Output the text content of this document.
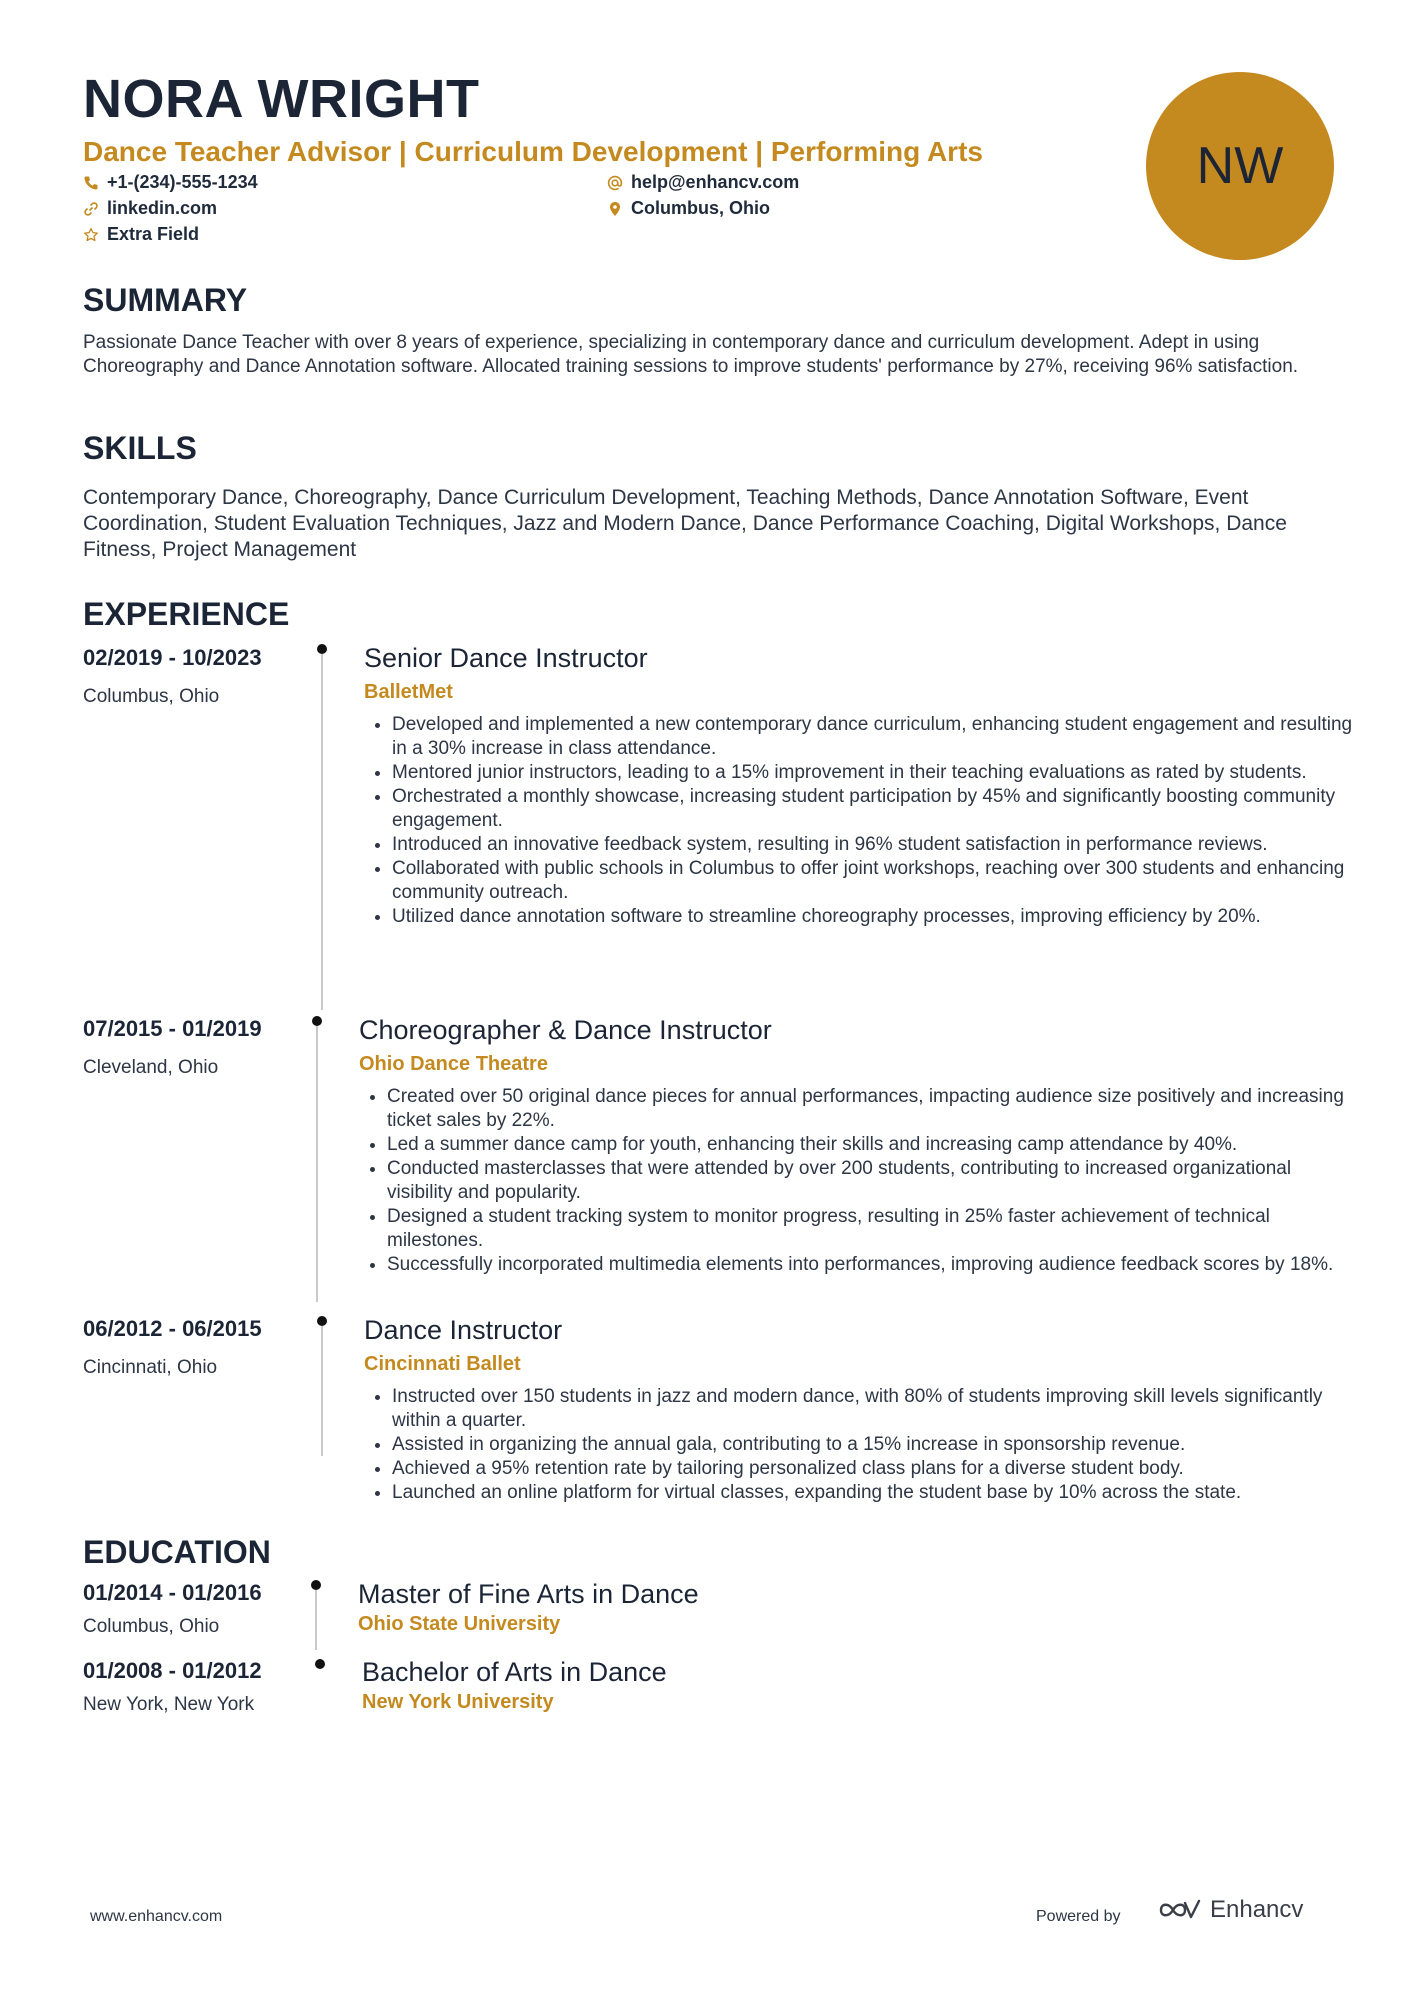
NORA WRIGHT
Dance Teacher Advisor | Curriculum Development | Performing Arts
+1-(234)-555-1234	help@enhancv.com
linkedin.com	Columbus, Ohio
Extra Field
NW
SUMMARY
Passionate Dance Teacher with over 8 years of experience, specializing in contemporary dance and curriculum development. Adept in using Choreography and Dance Annotation software. Allocated training sessions to improve students' performance by 27%, receiving 96% satisfaction.
SKILLS
Contemporary Dance, Choreography, Dance Curriculum Development, Teaching Methods, Dance Annotation Software, Event Coordination, Student Evaluation Techniques, Jazz and Modern Dance, Dance Performance Coaching, Digital Workshops, Dance Fitness, Project Management
EXPERIENCE
02/2019 - 10/2023
Columbus, Ohio
Senior Dance Instructor
BalletMet
• Developed and implemented a new contemporary dance curriculum, enhancing student engagement and resulting in a 30% increase in class attendance.
• Mentored junior instructors, leading to a 15% improvement in their teaching evaluations as rated by students.
• Orchestrated a monthly showcase, increasing student participation by 45% and significantly boosting community engagement.
• Introduced an innovative feedback system, resulting in 96% student satisfaction in performance reviews.
• Collaborated with public schools in Columbus to offer joint workshops, reaching over 300 students and enhancing community outreach.
• Utilized dance annotation software to streamline choreography processes, improving efficiency by 20%.
07/2015 - 01/2019
Cleveland, Ohio
Choreographer & Dance Instructor
Ohio Dance Theatre
• Created over 50 original dance pieces for annual performances, impacting audience size positively and increasing ticket sales by 22%.
• Led a summer dance camp for youth, enhancing their skills and increasing camp attendance by 40%.
• Conducted masterclasses that were attended by over 200 students, contributing to increased organizational visibility and popularity.
• Designed a student tracking system to monitor progress, resulting in 25% faster achievement of technical milestones.
• Successfully incorporated multimedia elements into performances, improving audience feedback scores by 18%.
06/2012 - 06/2015
Cincinnati, Ohio
Dance Instructor
Cincinnati Ballet
• Instructed over 150 students in jazz and modern dance, with 80% of students improving skill levels significantly within a quarter.
• Assisted in organizing the annual gala, contributing to a 15% increase in sponsorship revenue.
• Achieved a 95% retention rate by tailoring personalized class plans for a diverse student body.
• Launched an online platform for virtual classes, expanding the student base by 10% across the state.
EDUCATION
01/2014 - 01/2016
Columbus, Ohio
Master of Fine Arts in Dance
Ohio State University
01/2008 - 01/2012
New York, New York
Bachelor of Arts in Dance
New York University
www.enhancv.com	Powered by	Enhancv
